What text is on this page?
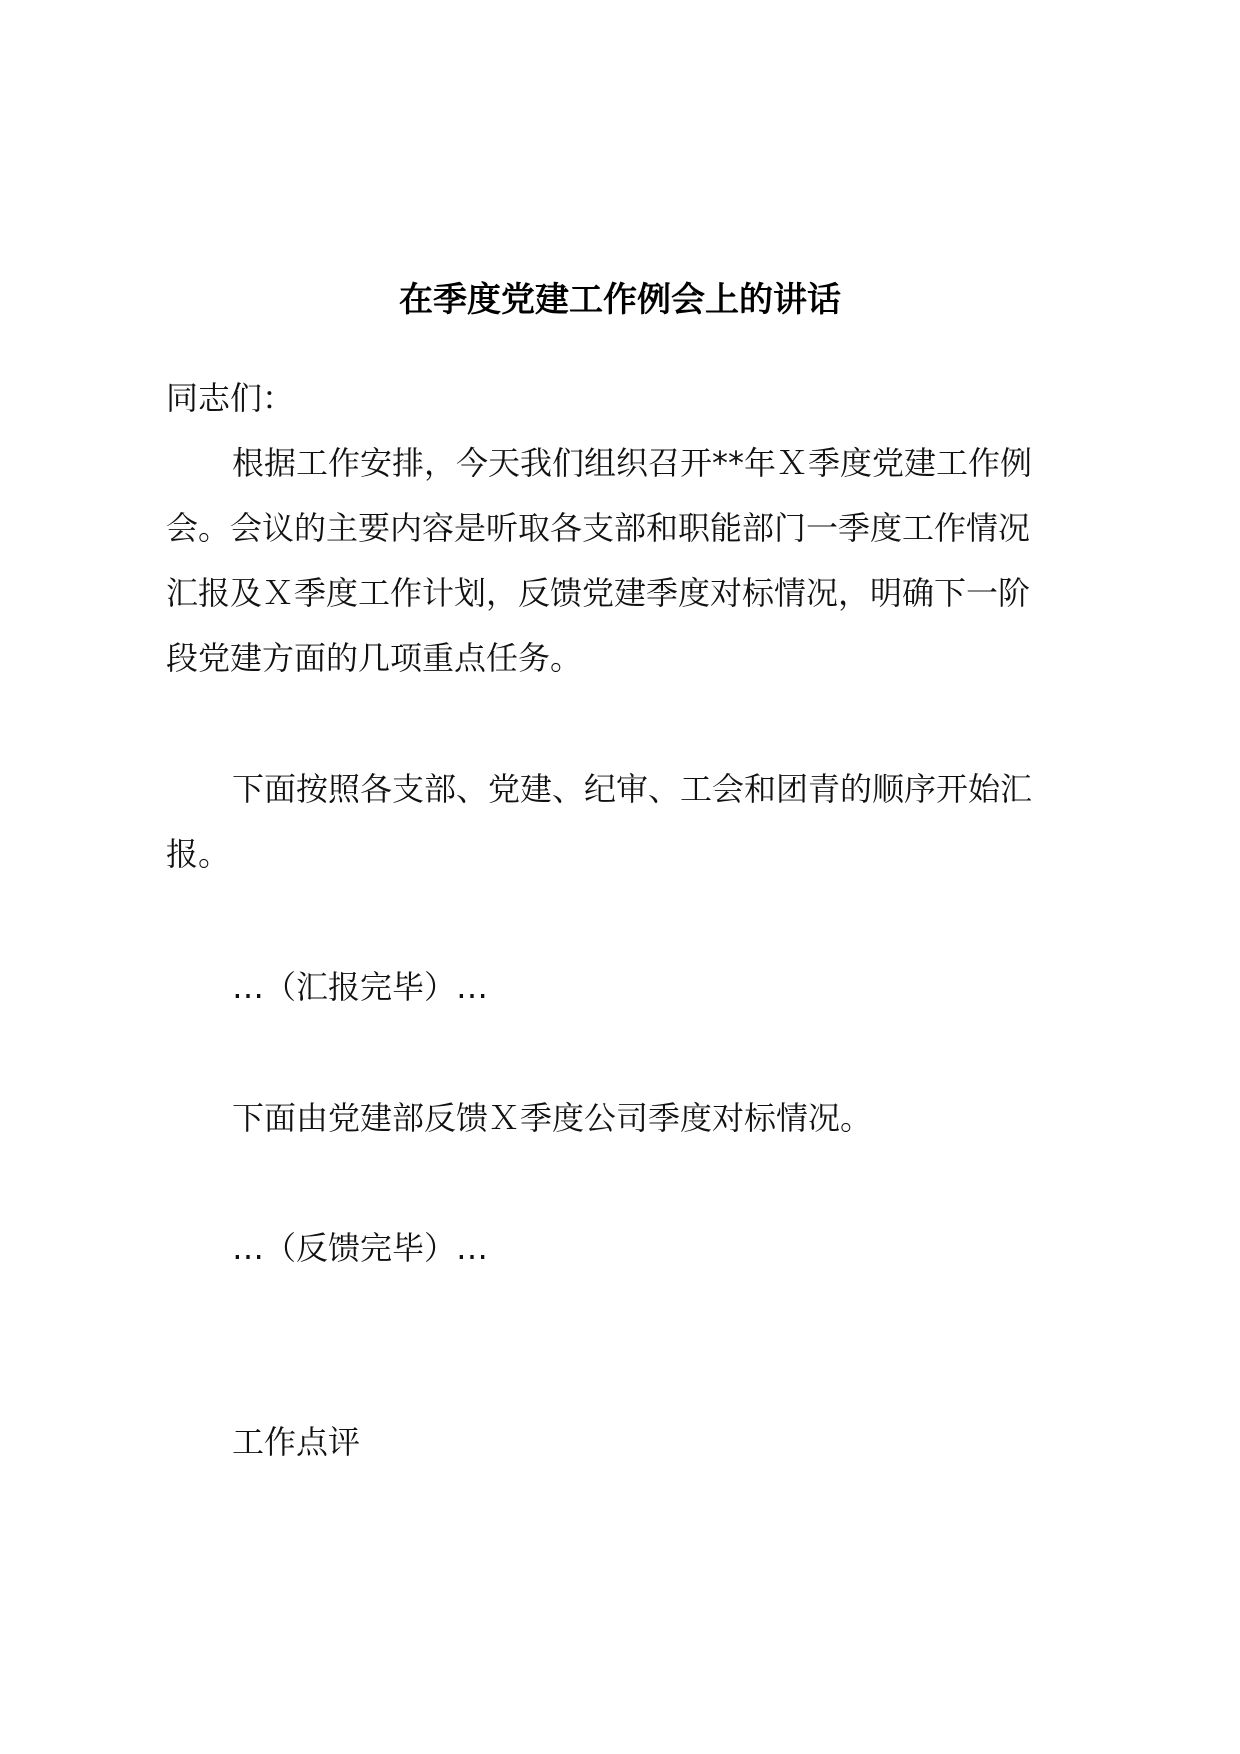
在季度党建工作例会上的讲话
同志们：
根据工作安排，今天我们组织召开**年Ｘ季度党建工作例
会。会议的主要内容是听取各支部和职能部门一季度工作情况
汇报及Ｘ季度工作计划，反馈党建季度对标情况，明确下一阶
段党建方面的几项重点任务。
下面按照各支部、党建、纪审、工会和团青的顺序开始汇
报。
…（汇报完毕）…
下面由党建部反馈Ｘ季度公司季度对标情况。
…（反馈完毕）…
工作点评
